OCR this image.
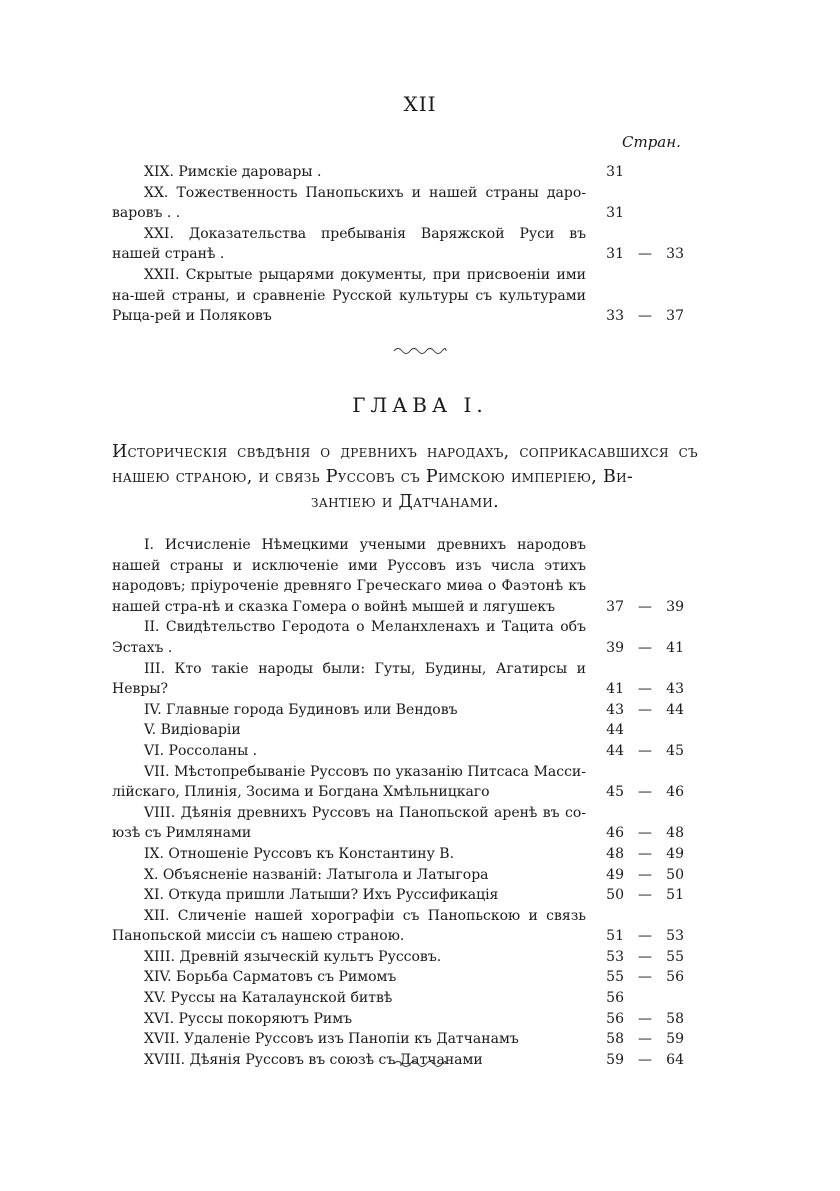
XII
Стран.
XIX. Римскіе даровары .	31
XX. Тожественность Панопьскихъ и нашей страны даро-варовъ . .	31
XXI. Доказательства пребыванія Варяжской Руси въ нашей странѣ .	31 —	33
XXII. Скрытые рыцарями документы, при присвоеніи ими на-шей страны, и сравненіе Русской культуры съ культурами Рыца-рей и Поляковъ	33 —	37
ГЛАВА I.
Историческія свѣдѣнія о древнихъ народахъ, соприкасавшихся съ нашею страною, и связь Руссовъ съ Римскою имперіею, Ви-
зантіею и Датчанами.
I. Исчисленіе Нѣмецкими учеными древнихъ народовъ нашей страны и исключеніе ими Руссовъ изъ числа этихъ народовъ; пріуроченіе древняго Греческаго миѳа о Фаэтонѣ къ нашей стра-нѣ и сказка Гомера о войнѣ мышей и лягушекъ	37 —	39
II. Свидѣтельство Геродота о Меланхленахъ и Тацита объ Эстахъ .	39 —	41
III. Кто такіе народы были: Гуты, Будины, Агатирсы и Невры?	41 —	43
IV. Главные города Будиновъ или Вендовъ	43 —	44
V. Видіоваріи	44
VI. Россоланы .	44 —	45
VII. Мѣстопребываніе Руссовъ по указанію Питсаса Масси-лійскаго, Плинія, Зосима и Богдана Хмѣльницкаго	45 —	46
VIII. Дѣянія древнихъ Руссовъ на Панопьской аренѣ въ со-юзѣ съ Римлянами	46 —	48
IX. Отношеніе Руссовъ къ Константину В.	48 —	49
X. Объясненіе названій: Латыгола и Латыгора	49 —	50
XI. Откуда пришли Латыши? Ихъ Руссификація	50 —	51
XII. Сличеніе нашей хорографіи съ Панопьскою и связь Панопьской миссіи съ нашею страною.	51 —	53
XIII. Древній языческій культъ Руссовъ.	53 —	55
XIV. Борьба Сарматовъ съ Римомъ	55 —	56
XV. Руссы на Каталаунской битвѣ	56
XVI. Руссы покоряютъ Римъ	56 —	58
XVII. Удаленіе Руссовъ изъ Панопіи къ Датчанамъ	58 —	59
XVIII. Дѣянія Руссовъ въ союзѣ съ Датчанами	59 —	64
